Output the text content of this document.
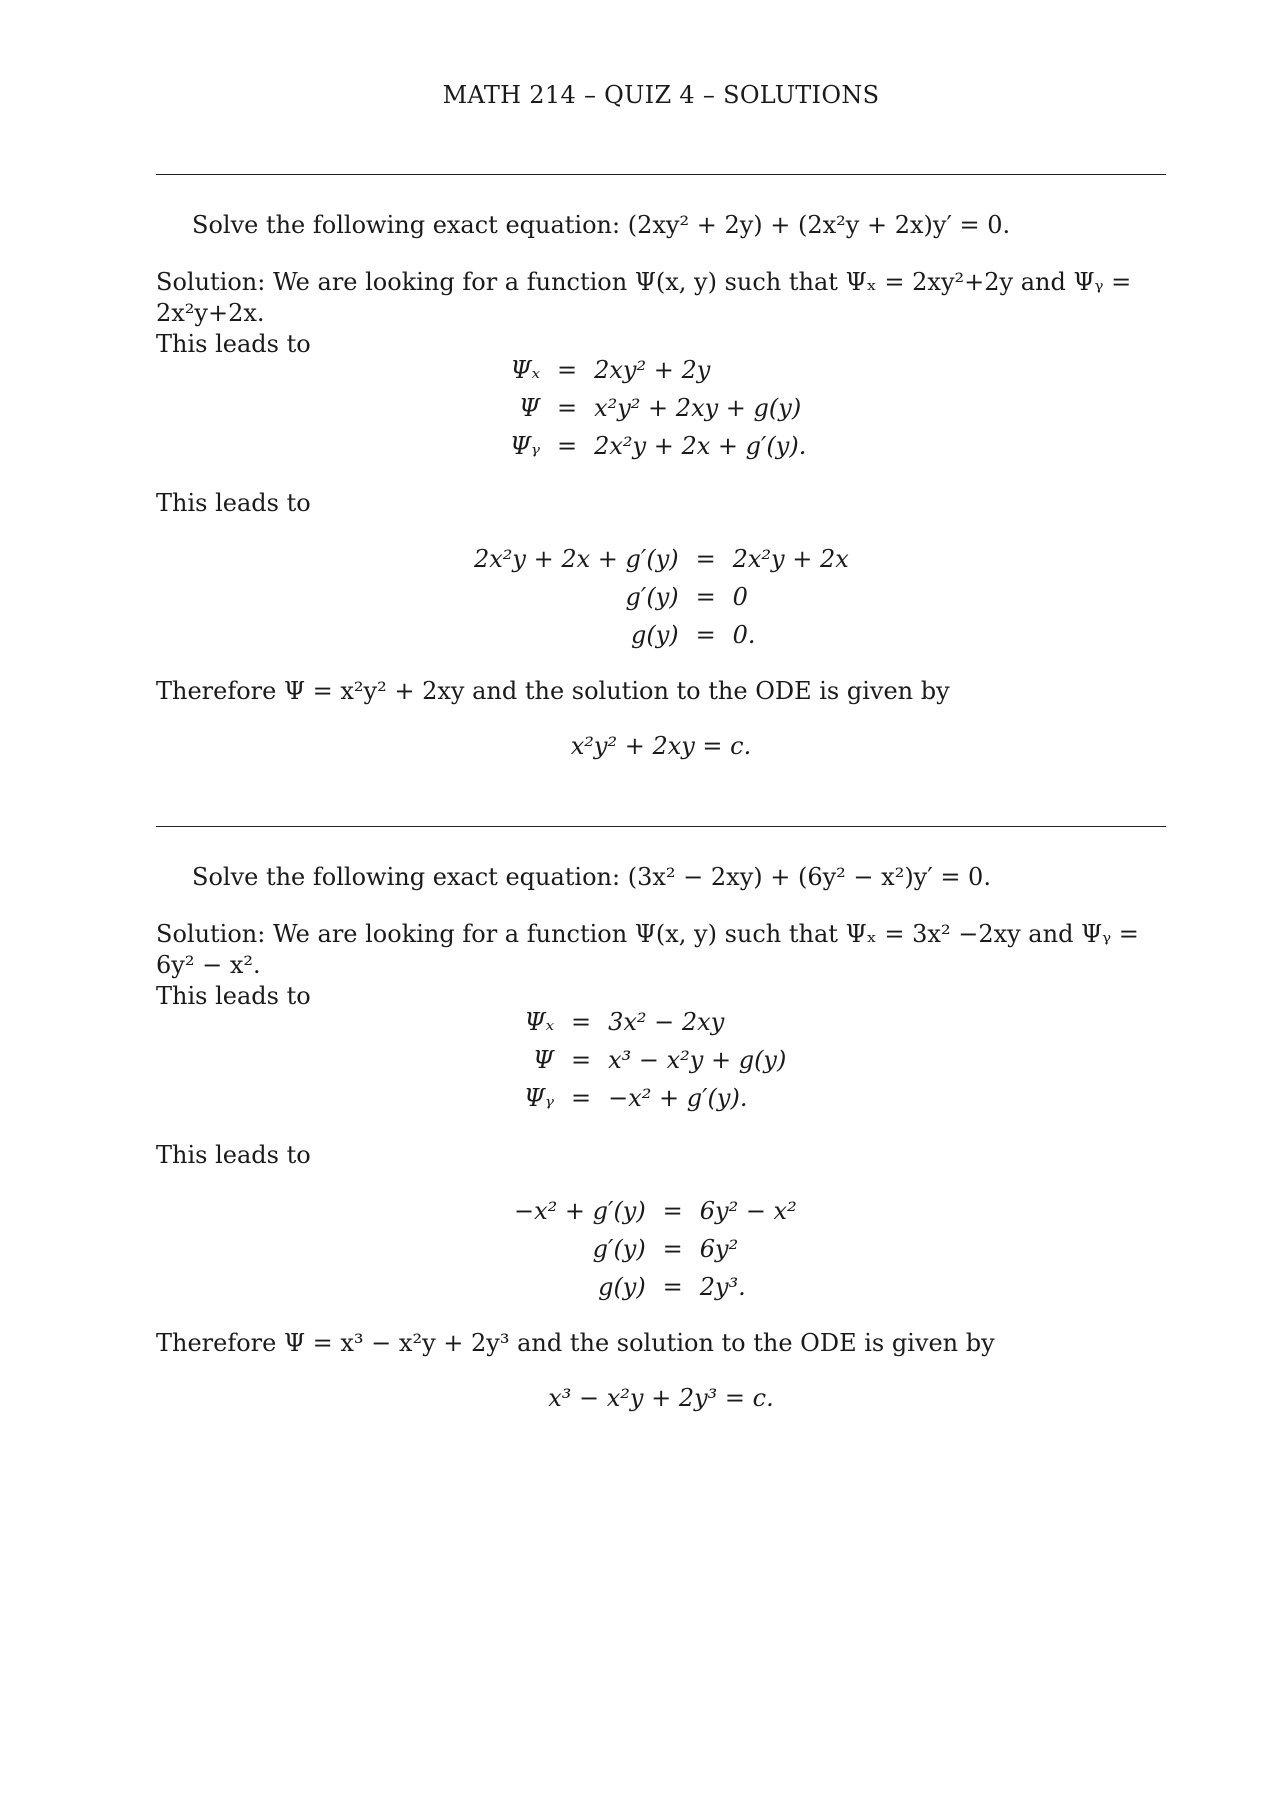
MATH 214 – QUIZ 4 – SOLUTIONS
Solve the following exact equation: (2xy² + 2y) + (2x²y + 2x)y′ = 0.
Solution: We are looking for a function Ψ(x, y) such that Ψₓ = 2xy²+2y and Ψᵧ = 2x²y+2x.
This leads to
Ψₓ	=	2xy² + 2y
Ψ	=	x²y² + 2xy + g(y)
Ψᵧ	=	2x²y + 2x + g′(y).
This leads to
2x²y + 2x + g′(y)	=	2x²y + 2x
g′(y)	=	0
g(y)	=	0.
Therefore Ψ = x²y² + 2xy and the solution to the ODE is given by
x²y² + 2xy = c.
Solve the following exact equation: (3x² − 2xy) + (6y² − x²)y′ = 0.
Solution: We are looking for a function Ψ(x, y) such that Ψₓ = 3x² −2xy and Ψᵧ = 6y² − x².
This leads to
Ψₓ	=	3x² − 2xy
Ψ	=	x³ − x²y + g(y)
Ψᵧ	=	−x² + g′(y).
This leads to
−x² + g′(y)	=	6y² − x²
g′(y)	=	6y²
g(y)	=	2y³.
Therefore Ψ = x³ − x²y + 2y³ and the solution to the ODE is given by
x³ − x²y + 2y³ = c.
